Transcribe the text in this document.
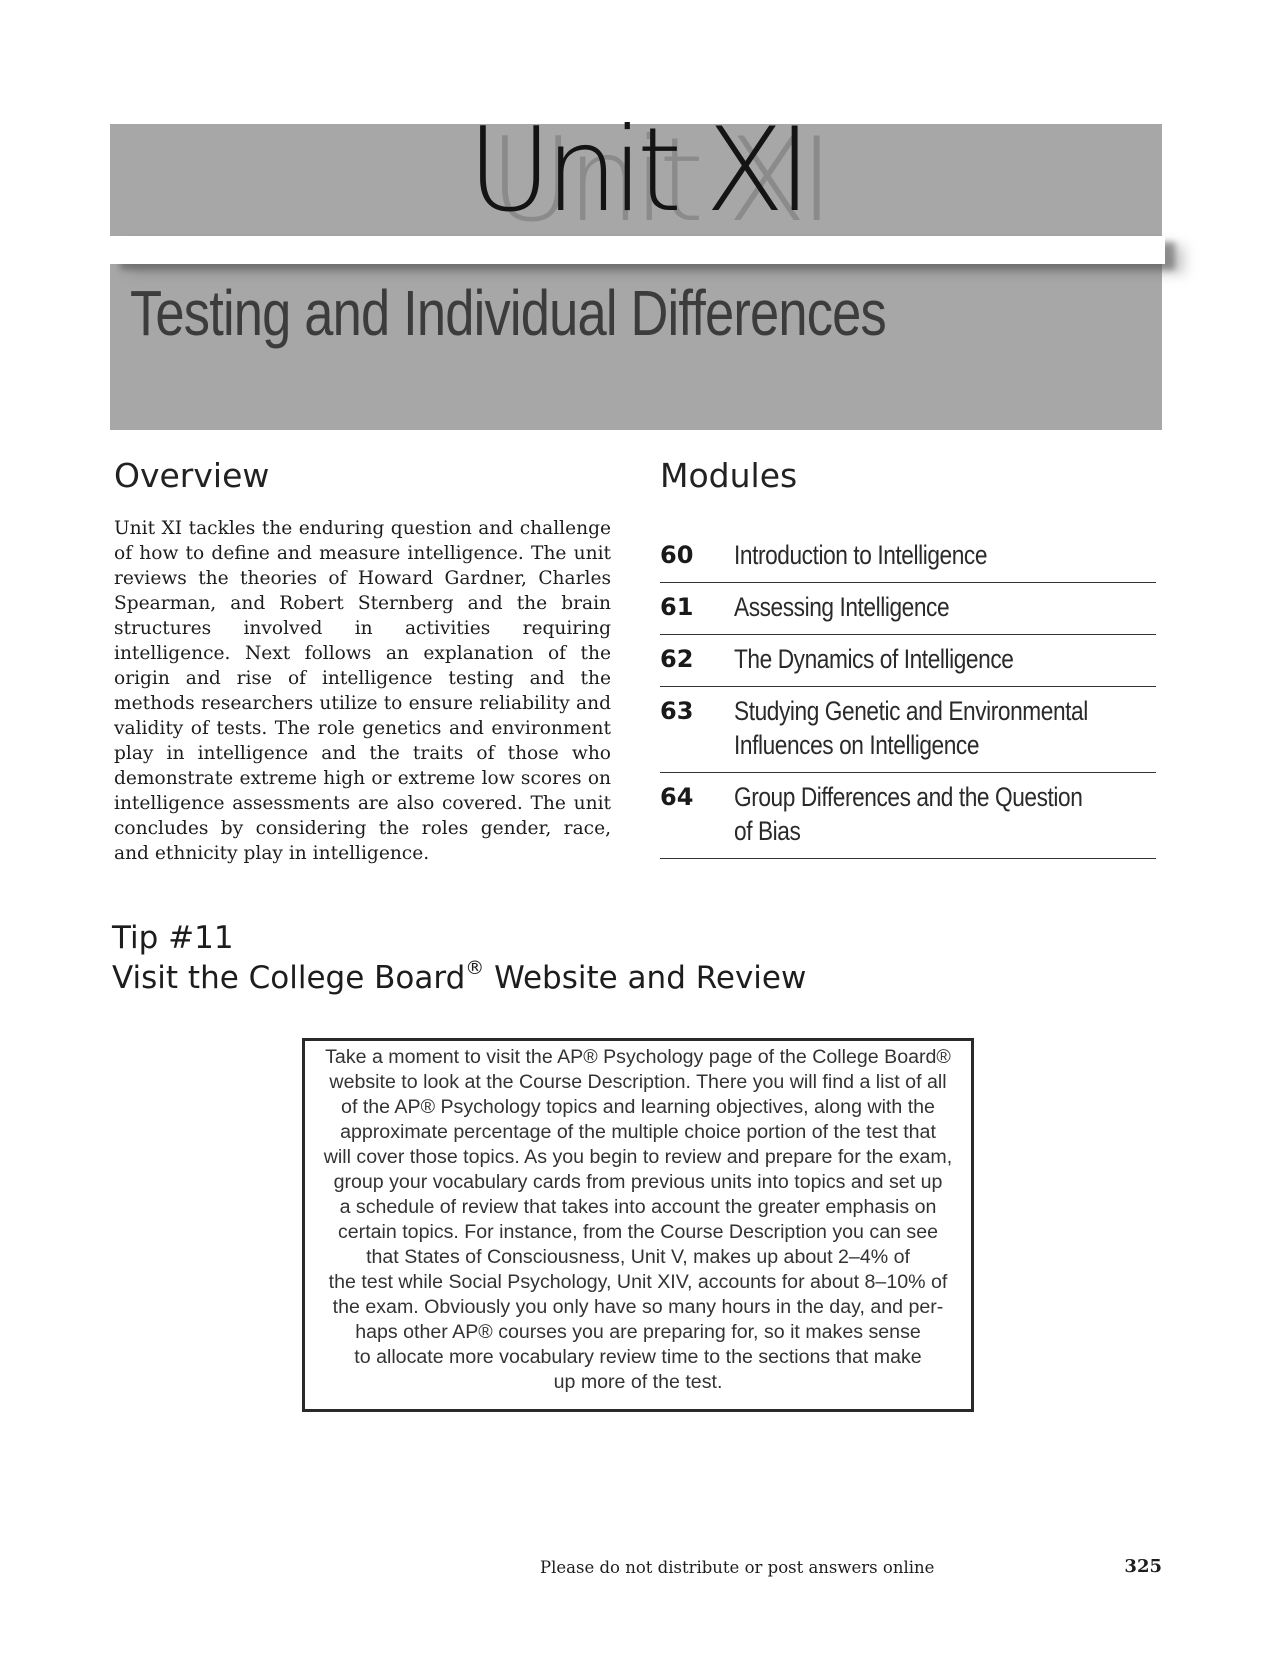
Unit XI
Testing and Individual Differences
Overview
Unit XI tackles the enduring question and challenge of how to define and measure intelligence. The unit reviews the theories of Howard Gardner, Charles Spearman, and Robert Sternberg and the brain structures involved in activities requiring intelligence. Next follows an explanation of the origin and rise of intelligence testing and the methods researchers utilize to ensure reliability and validity of tests. The role genetics and environment play in intelligence and the traits of those who demonstrate extreme high or extreme low scores on intelligence assessments are also covered. The unit concludes by considering the roles gender, race, and ethnicity play in intelligence.
Modules
60	Introduction to Intelligence
61	Assessing Intelligence
62	The Dynamics of Intelligence
63	Studying Genetic and Environmental
Influences on Intelligence
64	Group Differences and the Question of Bias
Tip #11
Visit the College Board® Website and Review

Take a moment to visit the AP® Psychology page of the College Board®

website to look at the Course Description. There you will find a list of all

of the AP® Psychology topics and learning objectives, along with the

approximate percentage of the multiple choice portion of the test that

will cover those topics. As you begin to review and prepare for the exam,

group your vocabulary cards from previous units into topics and set up

a schedule of review that takes into account the greater emphasis on

certain topics. For instance, from the Course Description you can see

that States of Consciousness, Unit V, makes up about 2–4% of

the test while Social Psychology, Unit XIV, accounts for about 8–10% of

the exam. Obviously you only have so many hours in the day, and per-

haps other AP® courses you are preparing for, so it makes sense

to allocate more vocabulary review time to the sections that make

up more of the test.

Please do not distribute or post answers online	325
